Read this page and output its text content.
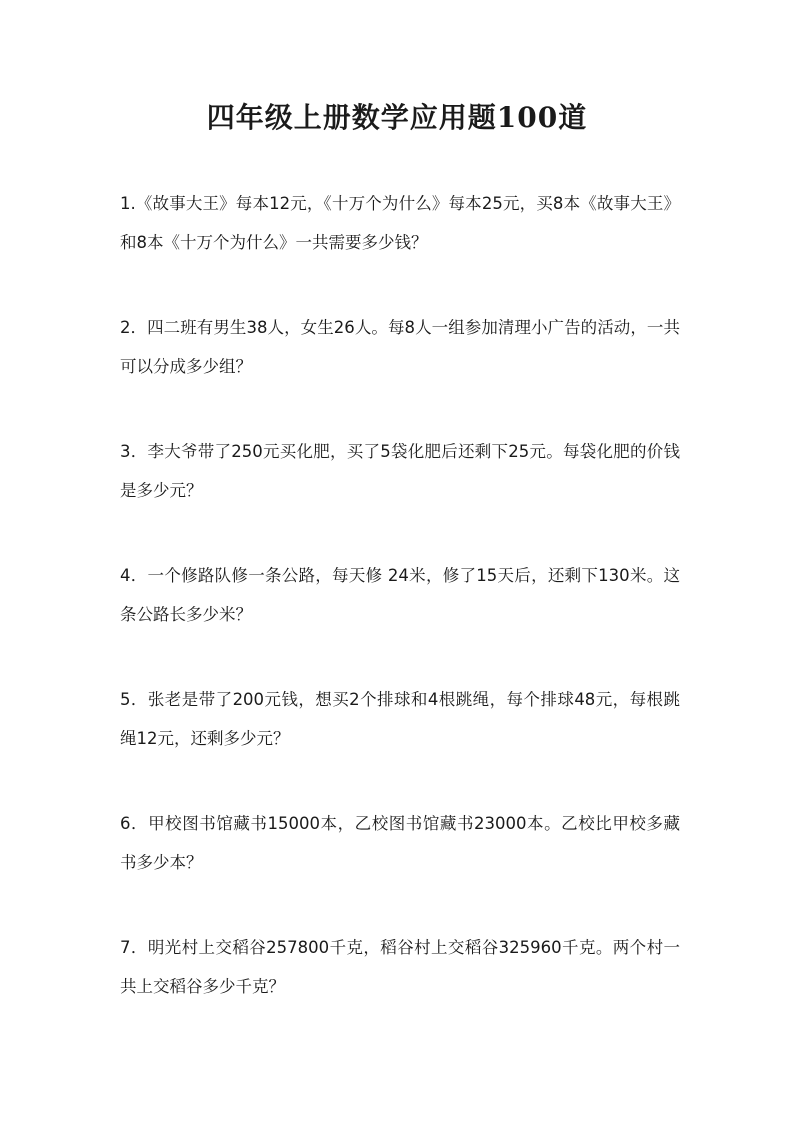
四年级上册数学应用题100道
1.《故事大王》每本12元，《十万个为什么》每本25元，买8本《故事大王》和8本《十万个为什么》一共需要多少钱？
2．四二班有男生38人，女生26人。每8人一组参加清理小广告的活动，一共可以分成多少组？
3．李大爷带了250元买化肥，买了5袋化肥后还剩下25元。每袋化肥的价钱是多少元？
4．一个修路队修一条公路，每天修 24米，修了15天后，还剩下130米。这条公路长多少米？
5．张老是带了200元钱，想买2个排球和4根跳绳，每个排球48元，每根跳绳12元，还剩多少元？
6．甲校图书馆藏书15000本，乙校图书馆藏书23000本。乙校比甲校多藏书多少本？
7．明光村上交稻谷257800千克，稻谷村上交稻谷325960千克。两个村一共上交稻谷多少千克？
